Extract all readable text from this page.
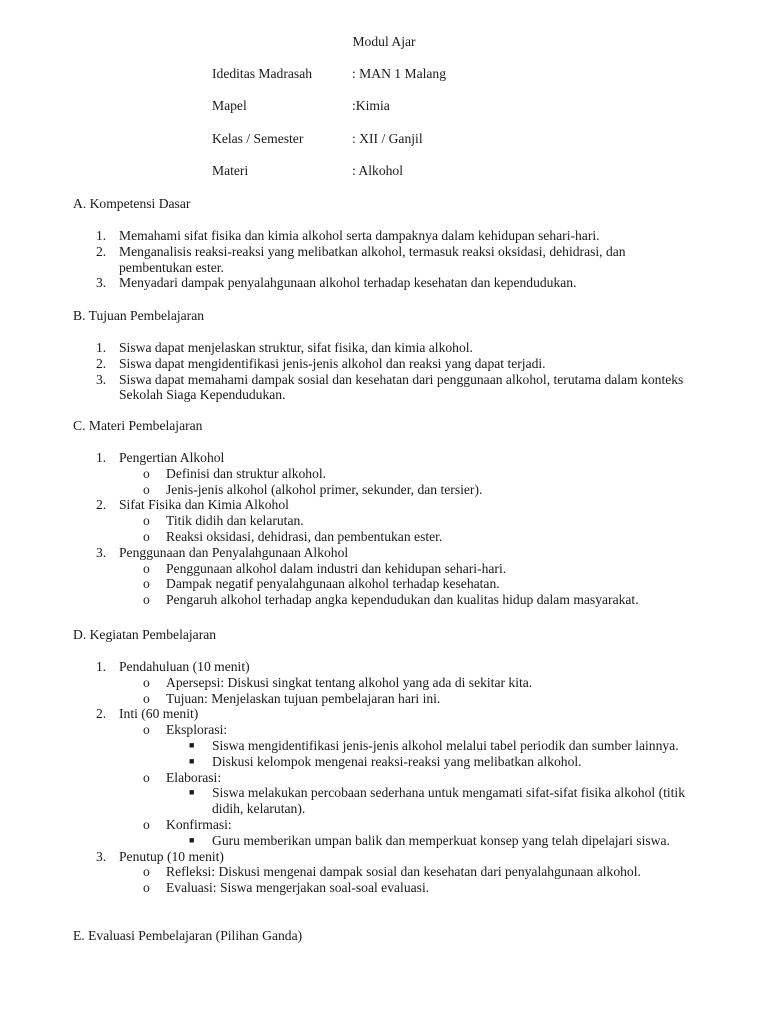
Modul Ajar
Ideditas Madrasah	: MAN 1 Malang
Mapel	:Kimia
Kelas / Semester	: XII / Ganjil
Materi	: Alkohol
A. Kompetensi Dasar
1. Memahami sifat fisika dan kimia alkohol serta dampaknya dalam kehidupan sehari-hari.
2. Menganalisis reaksi-reaksi yang melibatkan alkohol, termasuk reaksi oksidasi, dehidrasi, dan pembentukan ester.
3. Menyadari dampak penyalahgunaan alkohol terhadap kesehatan dan kependudukan.
B. Tujuan Pembelajaran
1. Siswa dapat menjelaskan struktur, sifat fisika, dan kimia alkohol.
2. Siswa dapat mengidentifikasi jenis-jenis alkohol dan reaksi yang dapat terjadi.
3. Siswa dapat memahami dampak sosial dan kesehatan dari penggunaan alkohol, terutama dalam konteks Sekolah Siaga Kependudukan.
C. Materi Pembelajaran
1. Pengertian Alkohol
o Definisi dan struktur alkohol.
o Jenis-jenis alkohol (alkohol primer, sekunder, dan tersier).
2. Sifat Fisika dan Kimia Alkohol
o Titik didih dan kelarutan.
o Reaksi oksidasi, dehidrasi, dan pembentukan ester.
3. Penggunaan dan Penyalahgunaan Alkohol
o Penggunaan alkohol dalam industri dan kehidupan sehari-hari.
o Dampak negatif penyalahgunaan alkohol terhadap kesehatan.
o Pengaruh alkohol terhadap angka kependudukan dan kualitas hidup dalam masyarakat.
D. Kegiatan Pembelajaran
1. Pendahuluan (10 menit)
o Apersepsi: Diskusi singkat tentang alkohol yang ada di sekitar kita.
o Tujuan: Menjelaskan tujuan pembelajaran hari ini.
2. Inti (60 menit)
o Eksplorasi:
■ Siswa mengidentifikasi jenis-jenis alkohol melalui tabel periodik dan sumber lainnya.
■ Diskusi kelompok mengenai reaksi-reaksi yang melibatkan alkohol.
o Elaborasi:
■ Siswa melakukan percobaan sederhana untuk mengamati sifat-sifat fisika alkohol (titik didih, kelarutan).
o Konfirmasi:
■ Guru memberikan umpan balik dan memperkuat konsep yang telah dipelajari siswa.
3. Penutup (10 menit)
o Refleksi: Diskusi mengenai dampak sosial dan kesehatan dari penyalahgunaan alkohol.
o Evaluasi: Siswa mengerjakan soal-soal evaluasi.
E. Evaluasi Pembelajaran (Pilihan Ganda)
